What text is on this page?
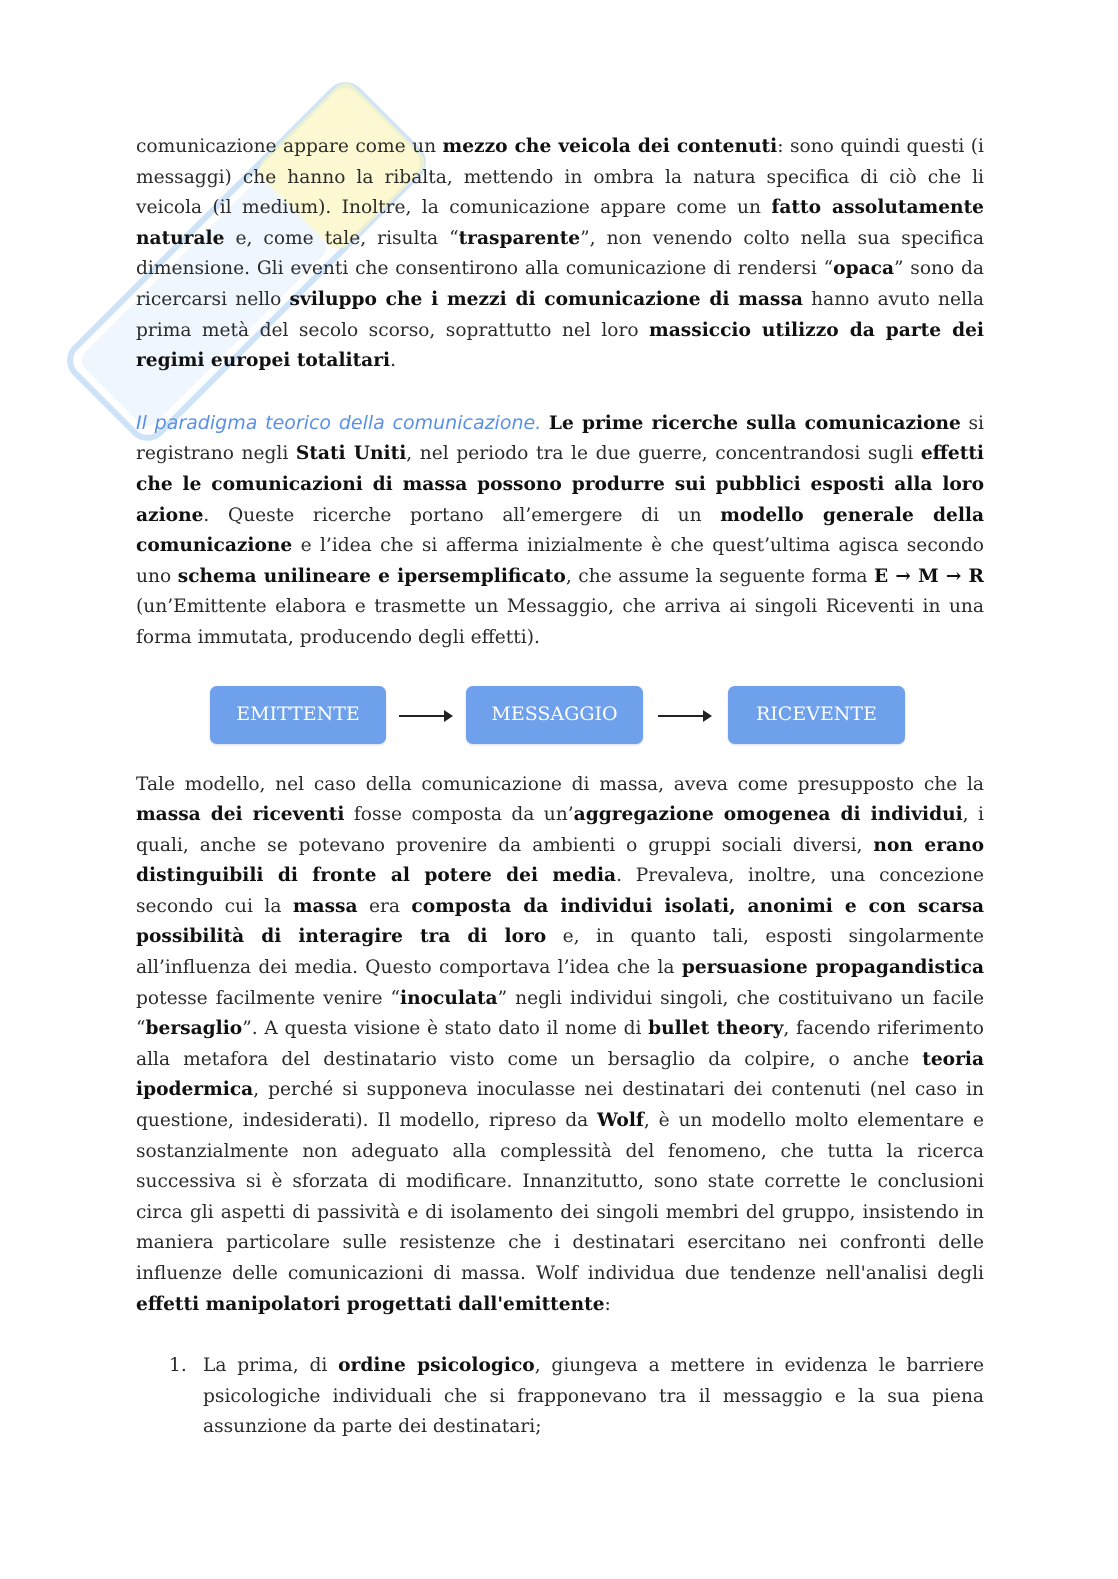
comunicazione appare come un mezzo che veicola dei contenuti: sono quindi questi (i messaggi) che hanno la ribalta, mettendo in ombra la natura specifica di ciò che li veicola (il medium). Inoltre, la comunicazione appare come un fatto assolutamente naturale e, come tale, risulta “trasparente”, non venendo colto nella sua specifica dimensione. Gli eventi che consentirono alla comunicazione di rendersi “opaca” sono da ricercarsi nello sviluppo che i mezzi di comunicazione di massa hanno avuto nella prima metà del secolo scorso, soprattutto nel loro massiccio utilizzo da parte dei regimi europei totalitari.

Il paradigma teorico della comunicazione. Le prime ricerche sulla comunicazione si registrano negli Stati Uniti, nel periodo tra le due guerre, concentrandosi sugli effetti che le comunicazioni di massa possono produrre sui pubblici esposti alla loro azione. Queste ricerche portano all’emergere di un modello generale della comunicazione e l’idea che si afferma inizialmente è che quest’ultima agisca secondo uno schema unilineare e ipersemplificato, che assume la seguente forma E → M → R (un’Emittente elabora e trasmette un Messaggio, che arriva ai singoli Riceventi in una forma immutata, producendo degli effetti).

EMITTENTE	MESSAGGIO	RICEVENTE

Tale modello, nel caso della comunicazione di massa, aveva come presupposto che la massa dei riceventi fosse composta da un’aggregazione omogenea di individui, i quali, anche se potevano provenire da ambienti o gruppi sociali diversi, non erano distinguibili di fronte al potere dei media. Prevaleva, inoltre, una concezione secondo cui la massa era composta da individui isolati, anonimi e con scarsa possibilità di interagire tra di loro e, in quanto tali, esposti singolarmente all’influenza dei media. Questo comportava l’idea che la persuasione propagandistica potesse facilmente venire “inoculata” negli individui singoli, che costituivano un facile “bersaglio”. A questa visione è stato dato il nome di bullet theory, facendo riferimento alla metafora del destinatario visto come un bersaglio da colpire, o anche teoria ipodermica, perché si supponeva inoculasse nei destinatari dei contenuti (nel caso in questione, indesiderati). Il modello, ripreso da Wolf, è un modello molto elementare e sostanzialmente non adeguato alla complessità del fenomeno, che tutta la ricerca successiva si è sforzata di modificare. Innanzitutto, sono state corrette le conclusioni circa gli aspetti di passività e di isolamento dei singoli membri del gruppo, insistendo in maniera particolare sulle resistenze che i destinatari esercitano nei confronti delle influenze delle comunicazioni di massa. Wolf individua due tendenze nell'analisi degli effetti manipolatori progettati dall'emittente:

1. La prima, di ordine psicologico, giungeva a mettere in evidenza le barriere psicologiche individuali che si frapponevano tra il messaggio e la sua piena assunzione da parte dei destinatari;
